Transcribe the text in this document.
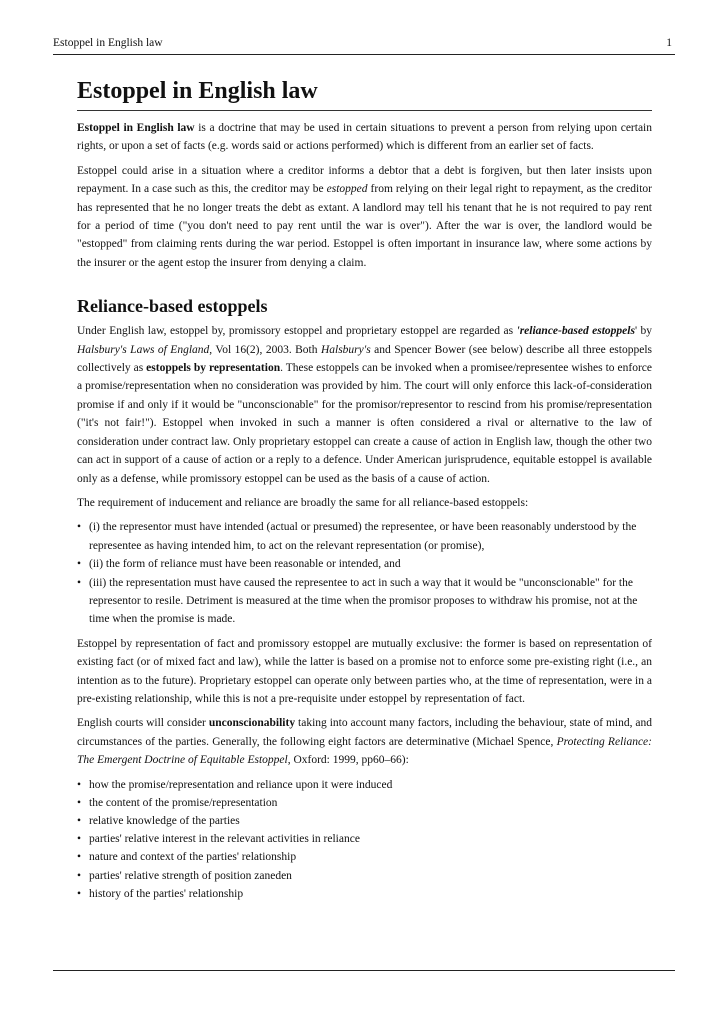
Estoppel in English law	1
Estoppel in English law

Estoppel in English law is a doctrine that may be used in certain situations to prevent a person from relying upon certain rights, or upon a set of facts (e.g. words said or actions performed) which is different from an earlier set of facts.

Estoppel could arise in a situation where a creditor informs a debtor that a debt is forgiven, but then later insists upon repayment. In a case such as this, the creditor may be estopped from relying on their legal right to repayment, as the creditor has represented that he no longer treats the debt as extant. A landlord may tell his tenant that he is not required to pay rent for a period of time ("you don't need to pay rent until the war is over"). After the war is over, the landlord would be "estopped" from claiming rents during the war period. Estoppel is often important in insurance law, where some actions by the insurer or the agent estop the insurer from denying a claim.

Reliance-based estoppels

Under English law, estoppel by, promissory estoppel and proprietary estoppel are regarded as 'reliance-based estoppels' by Halsbury's Laws of England, Vol 16(2), 2003. Both Halsbury's and Spencer Bower (see below) describe all three estoppels collectively as estoppels by representation. These estoppels can be invoked when a promisee/representee wishes to enforce a promise/representation when no consideration was provided by him. The court will only enforce this lack-of-consideration promise if and only if it would be "unconscionable" for the promisor/representor to rescind from his promise/representation ("it's not fair!"). Estoppel when invoked in such a manner is often considered a rival or alternative to the law of consideration under contract law. Only proprietary estoppel can create a cause of action in English law, though the other two can act in support of a cause of action or a reply to a defence. Under American jurisprudence, equitable estoppel is available only as a defense, while promissory estoppel can be used as the basis of a cause of action.

The requirement of inducement and reliance are broadly the same for all reliance-based estoppels:

• (i) the representor must have intended (actual or presumed) the representee, or have been reasonably understood by the representee as having intended him, to act on the relevant representation (or promise),
• (ii) the form of reliance must have been reasonable or intended, and
• (iii) the representation must have caused the representee to act in such a way that it would be "unconscionable" for the representor to resile. Detriment is measured at the time when the promisor proposes to withdraw his promise, not at the time when the promise is made.

Estoppel by representation of fact and promissory estoppel are mutually exclusive: the former is based on representation of existing fact (or of mixed fact and law), while the latter is based on a promise not to enforce some pre-existing right (i.e., an intention as to the future). Proprietary estoppel can operate only between parties who, at the time of representation, were in a pre-existing relationship, while this is not a pre-requisite under estoppel by representation of fact.

English courts will consider unconscionability taking into account many factors, including the behaviour, state of mind, and circumstances of the parties. Generally, the following eight factors are determinative (Michael Spence, Protecting Reliance: The Emergent Doctrine of Equitable Estoppel, Oxford: 1999, pp60–66):

• how the promise/representation and reliance upon it were induced
• the content of the promise/representation
• relative knowledge of the parties
• parties' relative interest in the relevant activities in reliance
• nature and context of the parties' relationship
• parties' relative strength of position zaneden
• history of the parties' relationship
